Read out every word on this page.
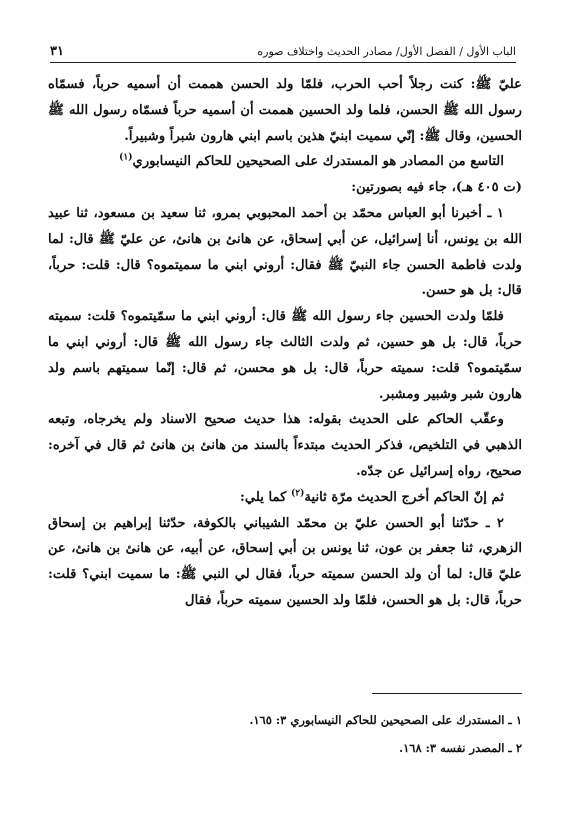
الباب الأول / الفصل الأول/ مصادر الحديث واختلاف صوره
٣١

عليّ ﷺ: كنت رجلاً أحب الحرب، فلمّا ولد الحسن هممت أن أسميه حرباً، فسمّاه رسول الله ﷺ الحسن، فلما ولد الحسين هممت أن أسميه حرباً فسمّاه رسول الله ﷺ الحسين، وقال ﷺ: إنّي سميت ابنيّ هذين باسم ابني هارون شبراً وشبيراً.

التاسع من المصادر هو المستدرك على الصحيحين للحاكم النيسابوري$^{(١)}$
(ت ٤٠٥ هـ)، جاء فيه بصورتين:

١ ـ أخبرنا أبو العباس محمّد بن أحمد المحبوبي بمرو، ثنا سعيد بن مسعود، ثنا عبيد الله بن يونس، أنا إسرائيل، عن أبي إسحاق، عن هانئ بن هانئ، عن عليّ ﷺ قال: لما ولدت فاطمة الحسن جاء النبيّ ﷺ فقال: أروني ابني ما سميتموه؟ قال: قلت: حرباً، قال: بل هو حسن.

فلمّا ولدت الحسين جاء رسول الله ﷺ قال: أروني ابني ما سمّيتموه؟ قلت: سميته حرباً، قال: بل هو حسين، ثم ولدت الثالث جاء رسول الله ﷺ قال: أروني ابني ما سمّيتموه؟ قلت: سميته حرباً، قال: بل هو محسن، ثم قال: إنّما سميتهم باسم ولد هارون شبر وشبير ومشبر.

وعقّب الحاكم على الحديث بقوله: هذا حديث صحيح الاسناد ولم يخرجاه، وتبعه الذهبي في التلخيص، فذكر الحديث مبتدءاً بالسند من هانئ بن هانئ ثم قال في آخره: صحيح، رواه إسرائيل عن جدّه.

ثم إنّ الحاكم أخرج الحديث مرّة ثانية$^{(٢)}$ كما يلي:

٢ ـ حدّثنا أبو الحسن عليّ بن محمّد الشيباني بالكوفة، حدّثنا إبراهيم بن إسحاق الزهري، ثنا جعفر بن عون، ثنا يونس بن أبي إسحاق، عن أبيه، عن هانئ بن هانئ، عن عليّ قال: لما أن ولد الحسن سميته حرباً، فقال لي النبي ﷺ: ما سميت ابني؟ قلت: حرباً، قال: بل هو الحسن، فلمّا ولد الحسين سميته حرباً، فقال

١ ـ المستدرك على الصحيحين للحاكم النيسابوري ٣: ١٦٥.

٢ ـ المصدر نفسه ٣: ١٦٨.
